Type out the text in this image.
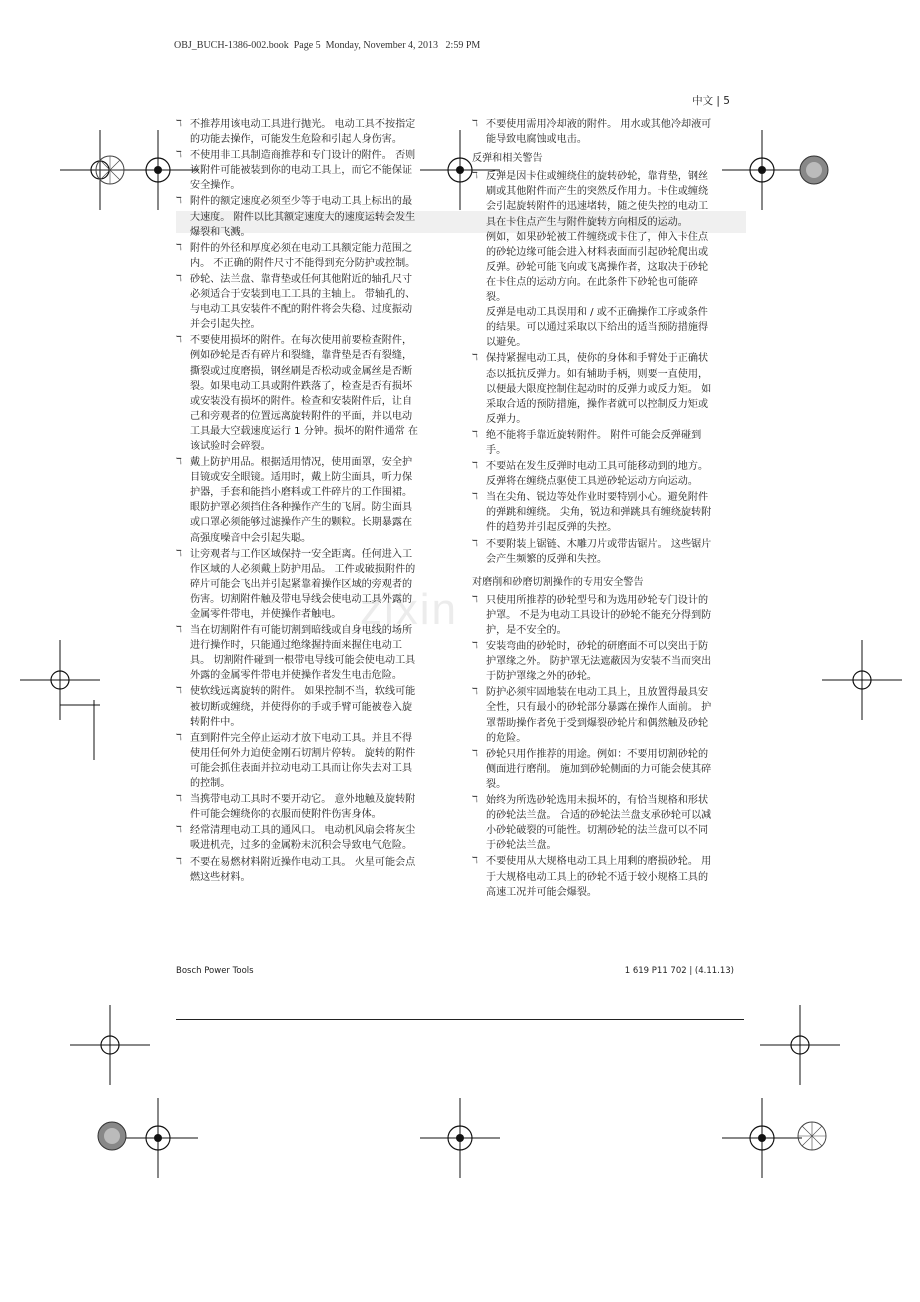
OBJ_BUCH-1386-002.book  Page 5  Monday, November 4, 2013   2:59 PM
中文 | 5
zixin
ℸ 不推荐用该电动工具进行抛光。 电动工具不按指定
的功能去操作，可能发生危险和引起人身伤害。
ℸ 不使用非工具制造商推荐和专门设计的附件。 否则
该附件可能被装到你的电动工具上，而它不能保证
安全操作。
ℸ 附件的额定速度必须至少等于电动工具上标出的最
大速度。 附件以比其额定速度大的速度运转会发生
爆裂和飞溅。
ℸ 附件的外径和厚度必须在电动工具额定能力范围之
内。 不正确的附件尺寸不能得到充分防护或控制。
ℸ 砂轮、法兰盘、靠背垫或任何其他附近的轴孔尺寸
必须适合于安装到电工工具的主轴上。 带轴孔的、
与电动工具安装件不配的附件将会失稳、过度振动
并会引起失控。
ℸ 不要使用损坏的附件。在每次使用前要检查附件，
例如砂轮是否有碎片和裂缝，靠背垫是否有裂缝，
撕裂或过度磨损，钢丝刷是否松动或金属丝是否断
裂。如果电动工具或附件跌落了，检查是否有损坏
或安装没有损坏的附件。检查和安装附件后，让自
己和旁观者的位置远离旋转附件的平面，并以电动
工具最大空载速度运行 1 分钟。损坏的附件通常 在
该试验时会碎裂。
ℸ 戴上防护用品。根据适用情况，使用面罩，安全护
目镜或安全眼镜。适用时，戴上防尘面具，听力保
护器，手套和能挡小磨料或工件碎片的工作围裙。
眼防护罩必须挡住各种操作产生的飞屑。防尘面具
或口罩必须能够过滤操作产生的颗粒。长期暴露在
高强度噪音中会引起失聪。
ℸ 让旁观者与工作区域保持一安全距离。任何进入工
作区域的人必须戴上防护用品。 工件或破损附件的
碎片可能会飞出并引起紧靠着操作区域的旁观者的
伤害。切割附件触及带电导线会使电动工具外露的
金属零件带电，并使操作者触电。
ℸ 当在切割附件有可能切割到暗线或自身电线的场所
进行操作时，只能通过绝缘握持面来握住电动工
具。 切割附件碰到一根带电导线可能会使电动工具
外露的金属零件带电并使操作者发生电击危险。
ℸ 使软线远离旋转的附件。 如果控制不当，软线可能
被切断或缠绕，并使得你的手或手臂可能被卷入旋
转附件中。
ℸ 直到附件完全停止运动才放下电动工具。并且不得
使用任何外力迫使金刚石切割片停转。 旋转的附件
可能会抓住表面并拉动电动工具而让你失去对工具
的控制。
ℸ 当携带电动工具时不要开动它。 意外地触及旋转附
件可能会缠绕你的衣服而使附件伤害身体。
ℸ 经常清理电动工具的通风口。 电动机风扇会将灰尘
吸进机壳，过多的金属粉末沉积会导致电气危险。
ℸ 不要在易燃材料附近操作电动工具。 火星可能会点
燃这些材料。
ℸ 不要使用需用冷却液的附件。 用水或其他冷却液可
能导致电腐蚀或电击。
反弹和相关警告
ℸ 反弹是因卡住或缠绕住的旋转砂轮，靠背垫，钢丝
刷或其他附件而产生的突然反作用力。卡住或缠绕
会引起旋转附件的迅速堵转，随之使失控的电动工
具在卡住点产生与附件旋转方向相反的运动。
例如，如果砂轮被工件缠绕或卡住了，伸入卡住点
的砂轮边缘可能会进入材料表面而引起砂轮爬出或
反弹。砂轮可能飞向或飞离操作者，这取决于砂轮
在卡住点的运动方向。在此条件下砂轮也可能碎
裂。
反弹是电动工具误用和 / 或不正确操作工序或条件
的结果。可以通过采取以下给出的适当预防措施得
以避免。
ℸ 保持紧握电动工具，使你的身体和手臂处于正确状
态以抵抗反弹力。如有辅助手柄，则要一直使用，
以便最大限度控制住起动时的反弹力或反力矩。 如
采取合适的预防措施，操作者就可以控制反力矩或
反弹力。
ℸ 绝不能将手靠近旋转附件。 附件可能会反弹碰到
手。
ℸ 不要站在发生反弹时电动工具可能移动到的地方。
反弹将在缠绕点驱使工具逆砂轮运动方向运动。
ℸ 当在尖角、锐边等处作业时要特别小心。避免附件
的弹跳和缠绕。 尖角，锐边和弹跳具有缠绕旋转附
件的趋势并引起反弹的失控。
ℸ 不要附装上锯链、木雕刀片或带齿锯片。 这些锯片
会产生频繁的反弹和失控。
对磨削和砂磨切割操作的专用安全警告
ℸ 只使用所推荐的砂轮型号和为选用砂轮专门设计的
护罩。 不是为电动工具设计的砂轮不能充分得到防
护，是不安全的。
ℸ 安装弯曲的砂轮时，砂轮的研磨面不可以突出于防
护罩缘之外。 防护罩无法遮蔽因为安装不当而突出
于防护罩缘之外的砂轮。
ℸ 防护必须牢固地装在电动工具上，且放置得最具安
全性，只有最小的砂轮部分暴露在操作人面前。 护
罩帮助操作者免于受到爆裂砂轮片和偶然触及砂轮
的危险。
ℸ 砂轮只用作推荐的用途。例如：不要用切割砂轮的
侧面进行磨削。 施加到砂轮侧面的力可能会使其碎
裂。
ℸ 始终为所选砂轮选用未损坏的，有恰当规格和形状
的砂轮法兰盘。 合适的砂轮法兰盘支承砂轮可以减
小砂轮破裂的可能性。切割砂轮的法兰盘可以不同
于砂轮法兰盘。
ℸ 不要使用从大规格电动工具上用剩的磨损砂轮。 用
于大规格电动工具上的砂轮不适于较小规格工具的
高速工况并可能会爆裂。
Bosch Power Tools	1 619 P11 702 | (4.11.13)
